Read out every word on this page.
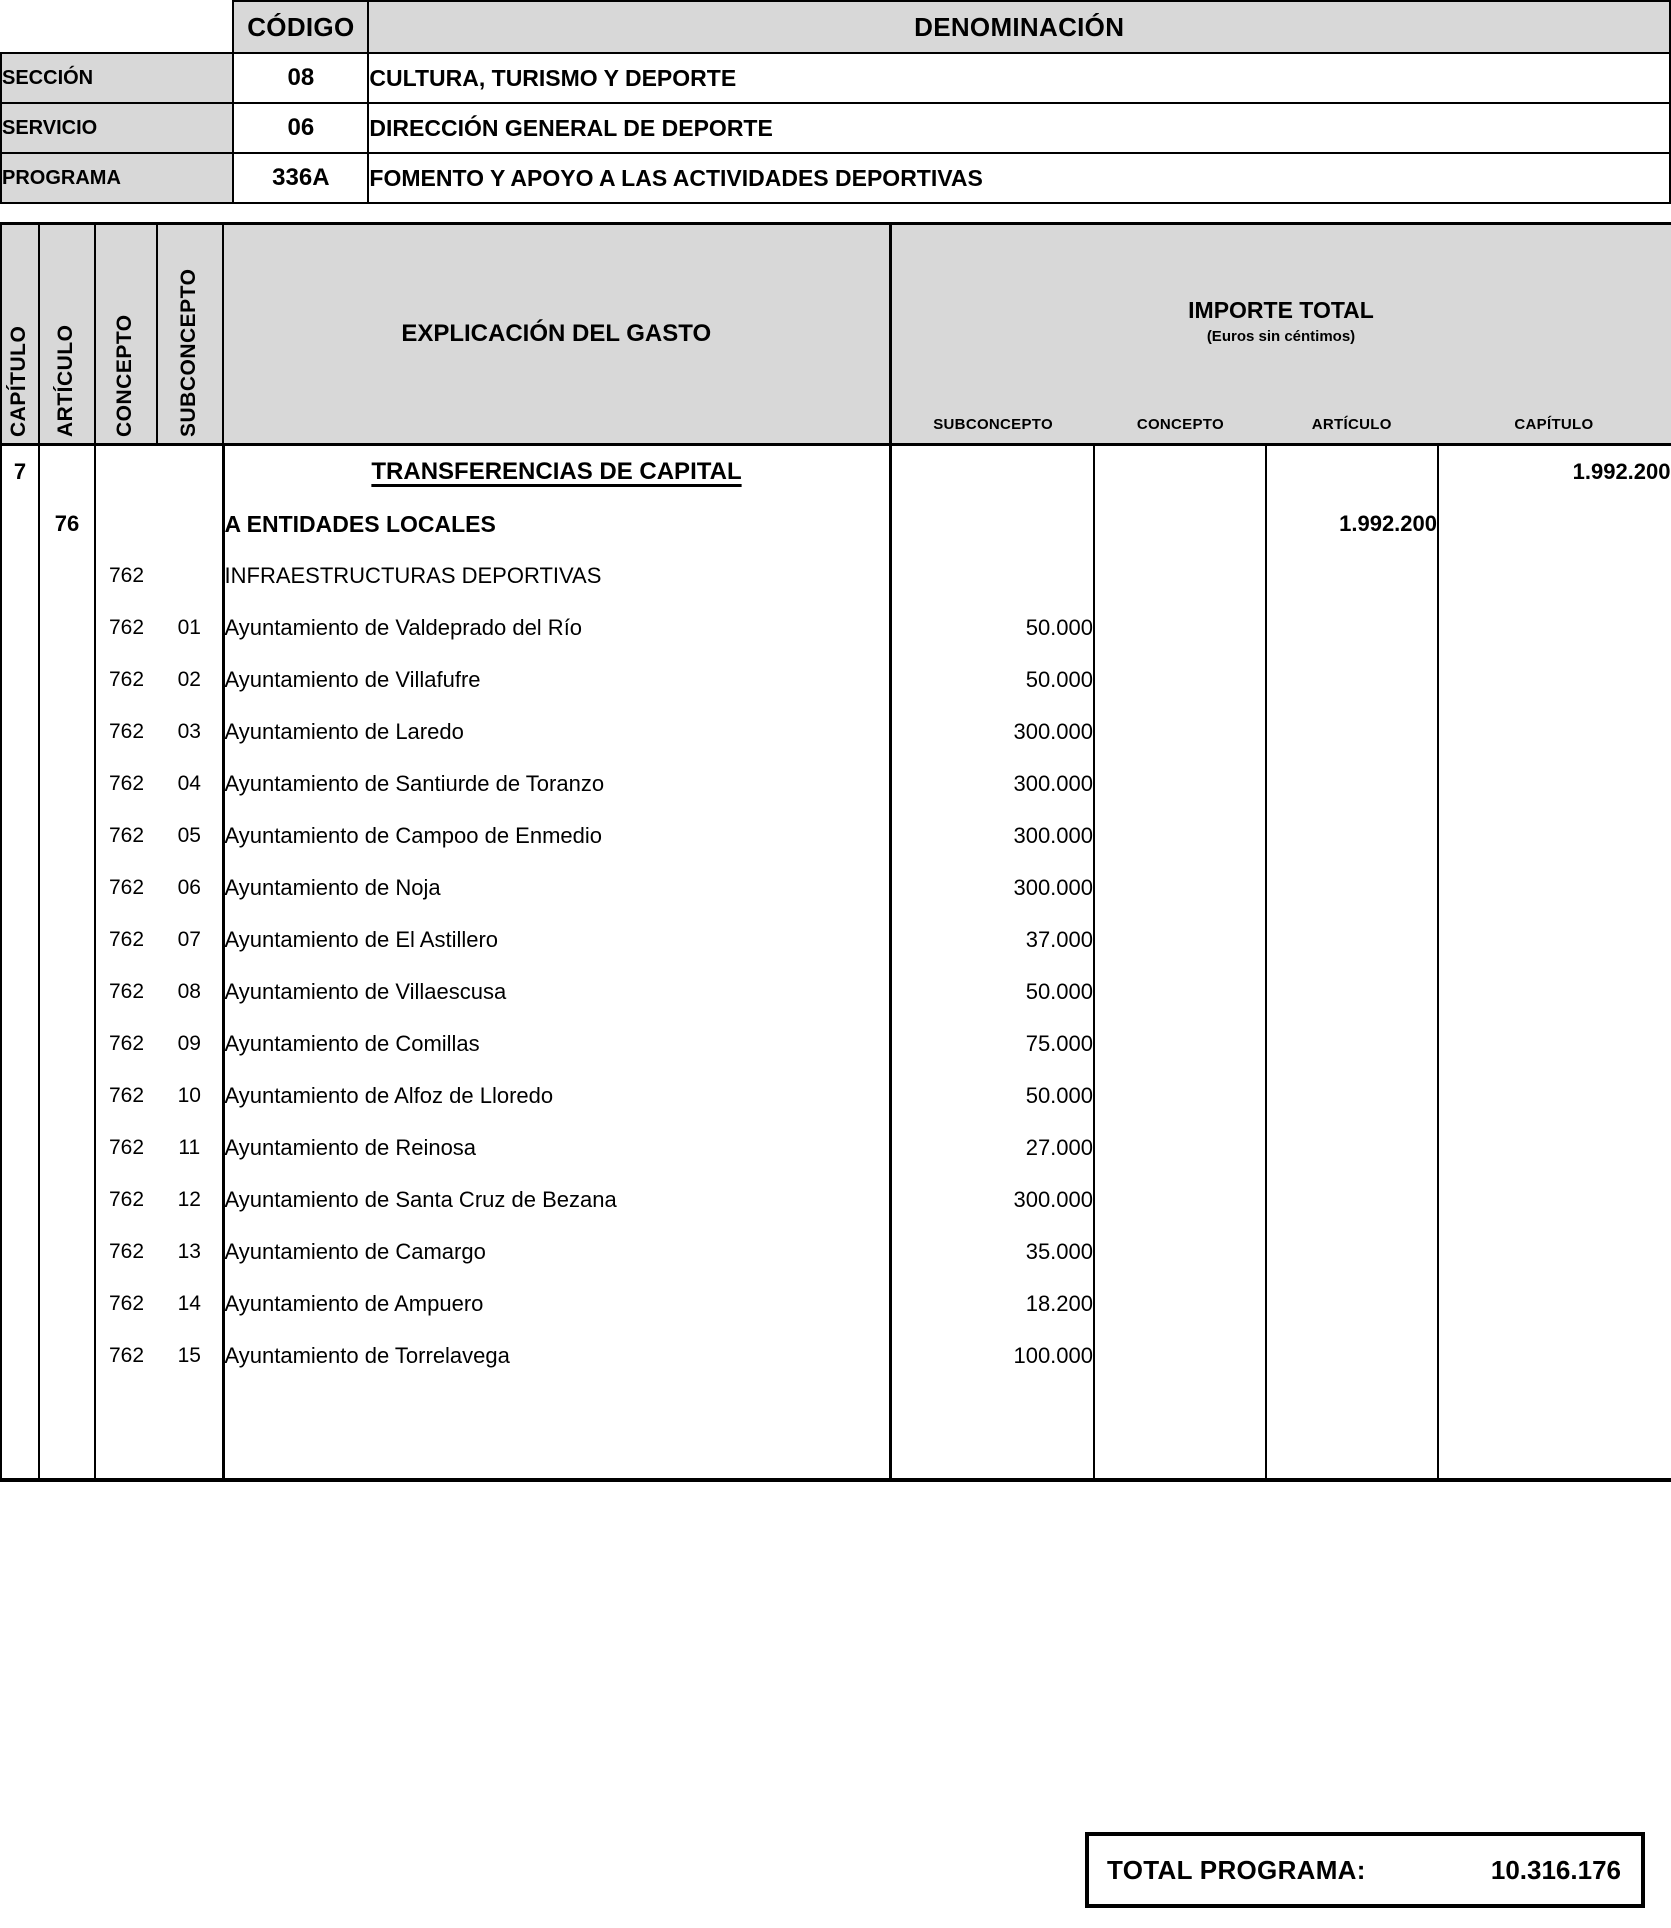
	CÓDIGO	DENOMINACIÓN
SECCIÓN	08	CULTURA, TURISMO Y DEPORTE
SERVICIO	06	DIRECCIÓN GENERAL DE DEPORTE
PROGRAMA	336A	FOMENTO Y APOYO A LAS ACTIVIDADES DEPORTIVAS
CAPÍTULO	ARTÍCULO	CONCEPTO	SUBCONCEPTO	EXPLICACIÓN DEL GASTO	
IMPORTE TOTAL
(Euros sin céntimos)
SUBCONCEPTO	CONCEPTO	ARTÍCULO	CAPÍTULO

7				TRANSFERENCIAS DE CAPITAL				1.992.200
	76			A ENTIDADES LOCALES			1.992.200	
		762		INFRAESTRUCTURAS DEPORTIVAS				
		762	01	Ayuntamiento de Valdeprado del Río	50.000			
		762	02	Ayuntamiento de Villafufre	50.000			
		762	03	Ayuntamiento de Laredo	300.000			
		762	04	Ayuntamiento de Santiurde de Toranzo	300.000			
		762	05	Ayuntamiento de Campoo de Enmedio	300.000			
		762	06	Ayuntamiento de Noja	300.000			
		762	07	Ayuntamiento de El Astillero	37.000			
		762	08	Ayuntamiento de Villaescusa	50.000			
		762	09	Ayuntamiento de Comillas	75.000			
		762	10	Ayuntamiento de Alfoz de Lloredo	50.000			
		762	11	Ayuntamiento de Reinosa	27.000			
		762	12	Ayuntamiento de Santa Cruz de Bezana	300.000			
		762	13	Ayuntamiento de Camargo	35.000			
		762	14	Ayuntamiento de Ampuero	18.200			
		762	15	Ayuntamiento de Torrelavega	100.000			

TOTAL PROGRAMA:	10.316.176
